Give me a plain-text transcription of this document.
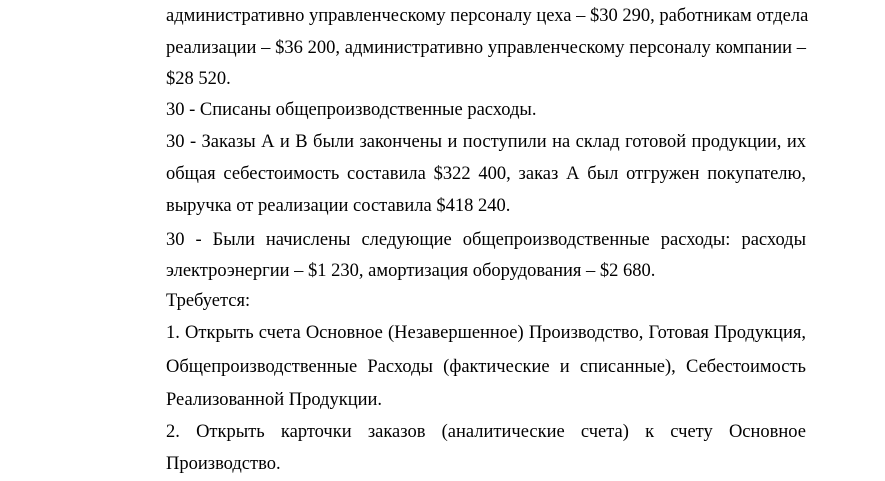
административно управленческому персоналу цеха – $30 290, работникам отдела
реализации – $36 200, административно управленческому персоналу компании –
$28 520.
30 - Списаны общепроизводственные расходы.
30 - Заказы А и В были закончены и поступили на склад готовой продукции, их
общая себестоимость составила $322 400, заказ А был отгружен покупателю,
выручка от реализации составила $418 240.
30 - Были начислены следующие общепроизводственные расходы: расходы
электроэнергии – $1 230, амортизация оборудования – $2 680.
Требуется:
1. Открыть счета Основное (Незавершенное) Производство, Готовая Продукция,
Общепроизводственные Расходы (фактические и списанные), Себестоимость
Реализованной Продукции.
2. Открыть карточки заказов (аналитические счета) к счету Основное
Производство.
